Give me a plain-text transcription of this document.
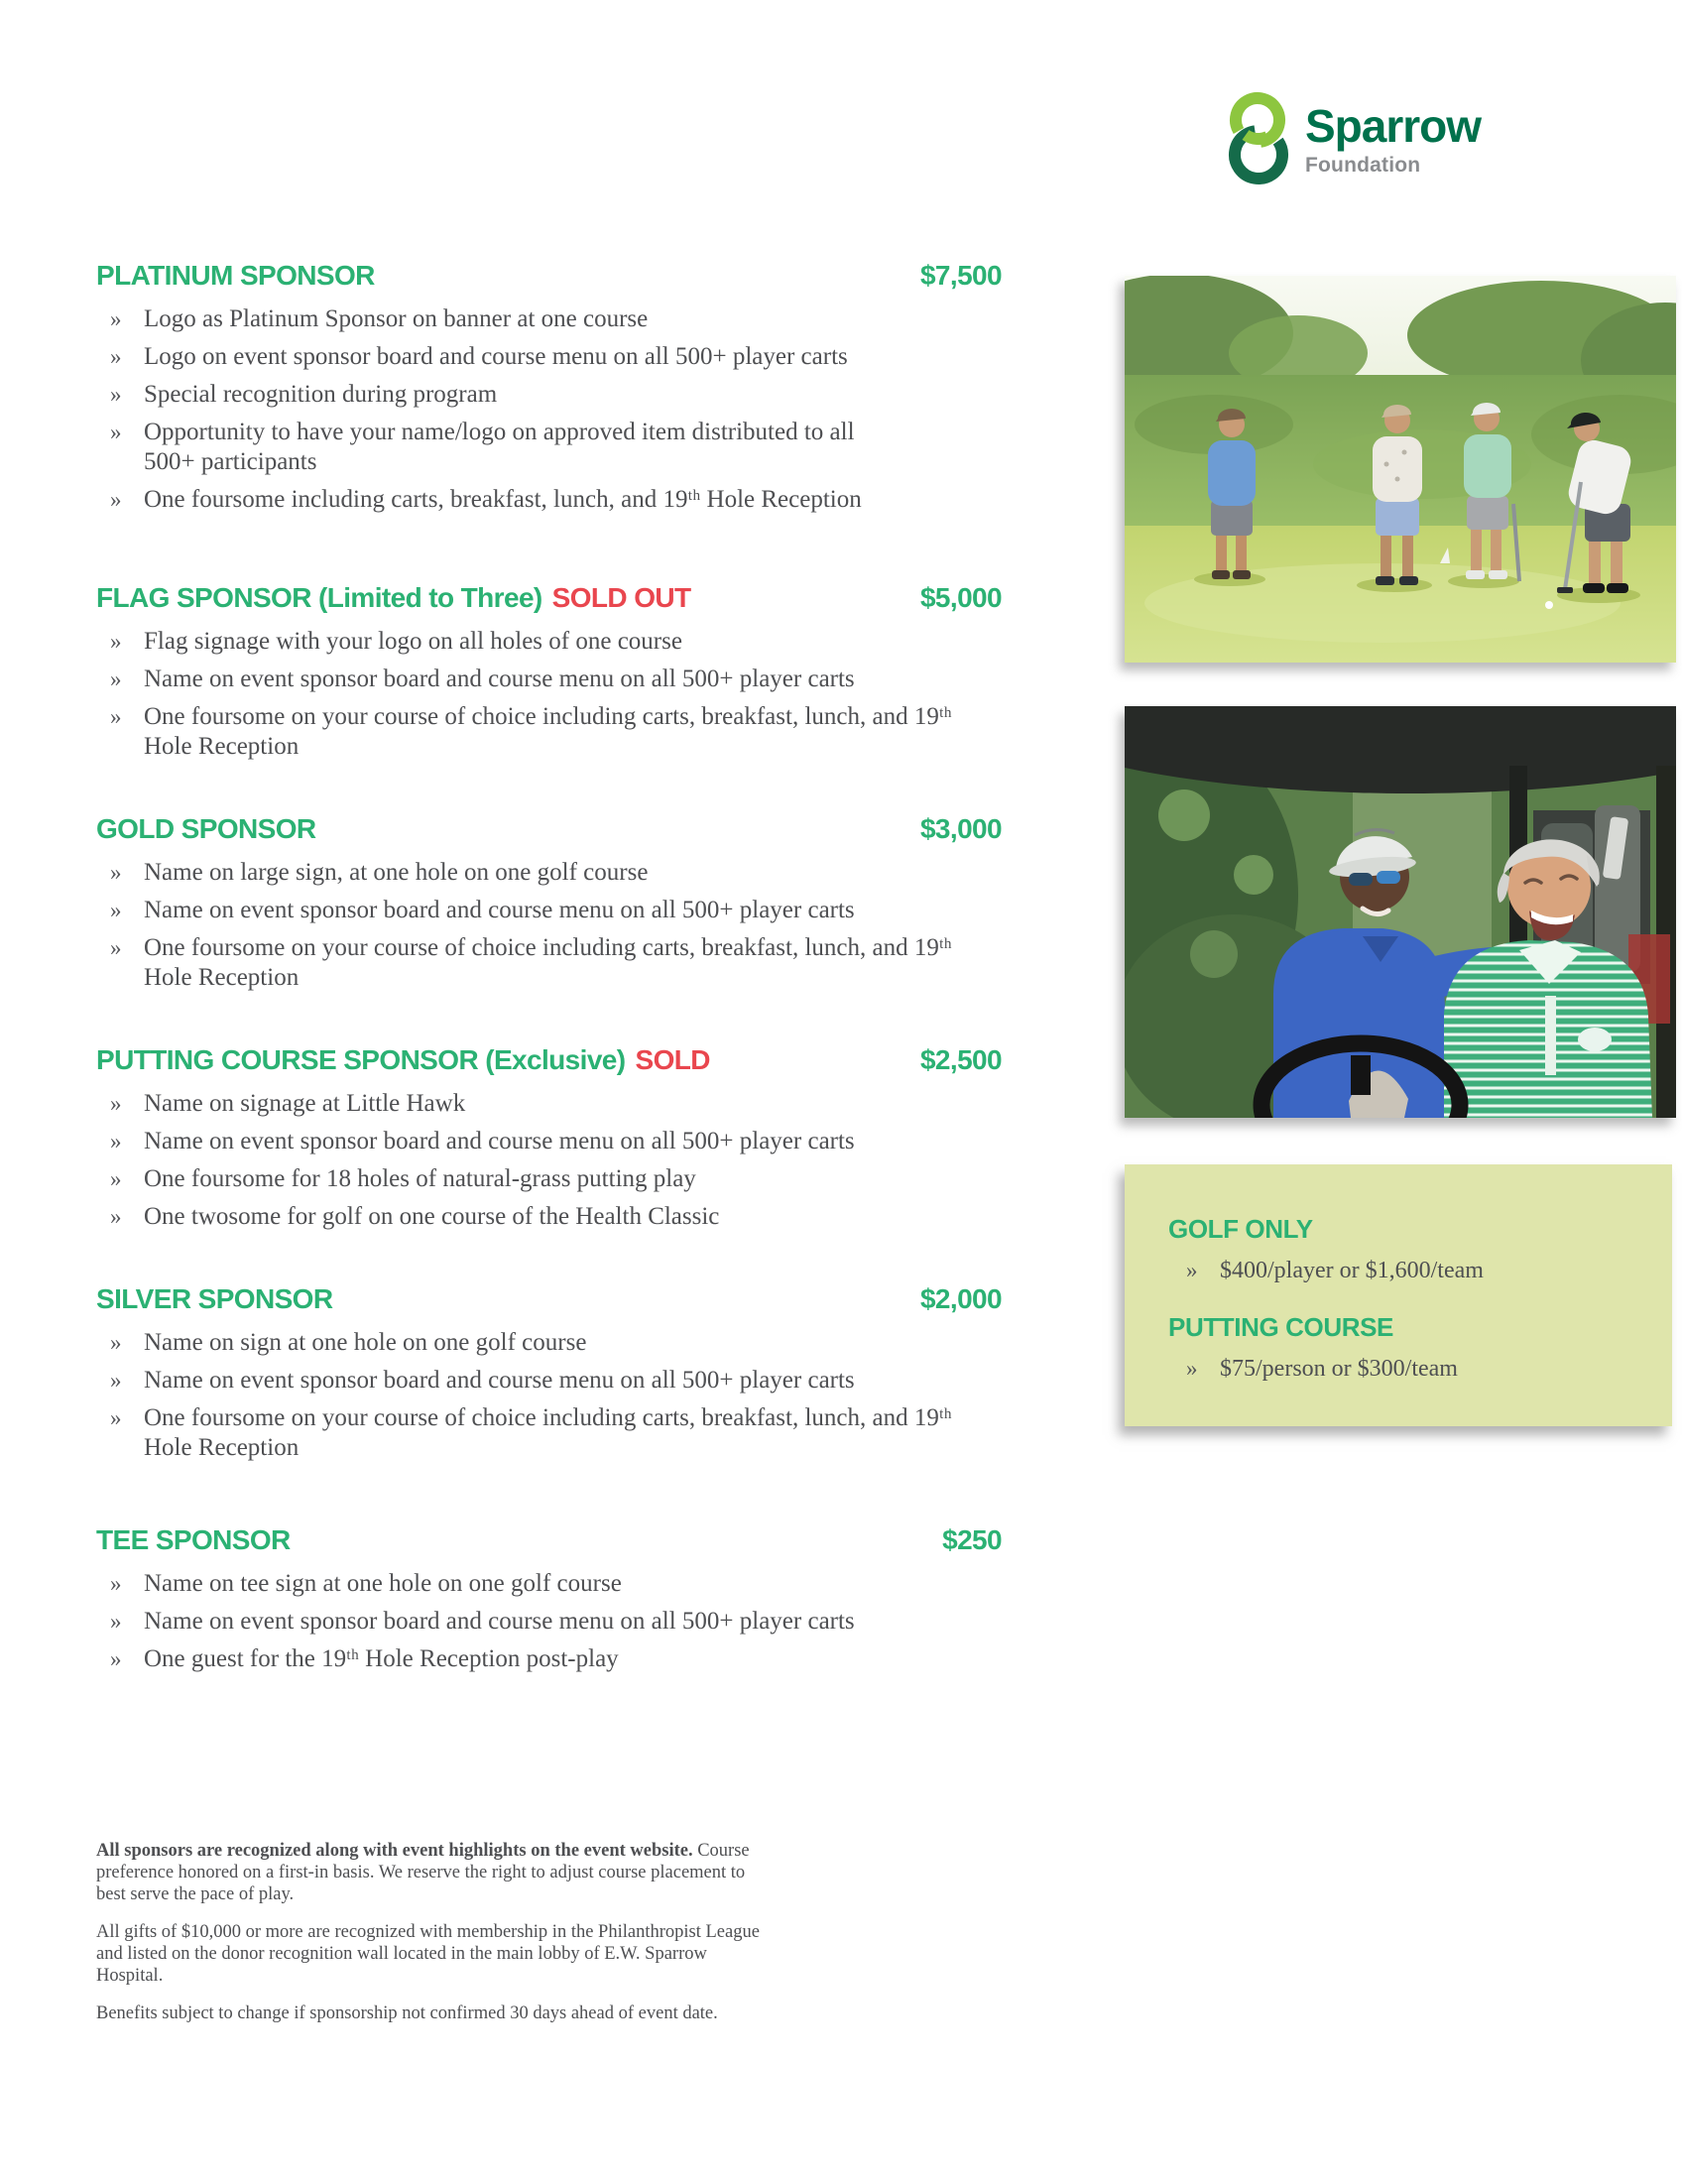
Sparrow
Foundation
PLATINUM SPONSOR	$7,500
» Logo as Platinum Sponsor on banner at one course
» Logo on event sponsor board and course menu on all 500+ player carts
» Special recognition during program
» Opportunity to have your name/logo on approved item distributed to all 500+ participants
» One foursome including carts, breakfast, lunch, and 19ᵗʰ Hole Reception
FLAG SPONSOR (Limited to Three) SOLD OUT	$5,000
» Flag signage with your logo on all holes of one course
» Name on event sponsor board and course menu on all 500+ player carts
» One foursome on your course of choice including carts, breakfast, lunch, and 19ᵗʰ Hole Reception
GOLD SPONSOR	$3,000
» Name on large sign, at one hole on one golf course
» Name on event sponsor board and course menu on all 500+ player carts
» One foursome on your course of choice including carts, breakfast, lunch, and 19ᵗʰ Hole Reception
PUTTING COURSE SPONSOR (Exclusive) SOLD	$2,500
» Name on signage at Little Hawk
» Name on event sponsor board and course menu on all 500+ player carts
» One foursome for 18 holes of natural-grass putting play
» One twosome for golf on one course of the Health Classic
SILVER SPONSOR	$2,000
» Name on sign at one hole on one golf course
» Name on event sponsor board and course menu on all 500+ player carts
» One foursome on your course of choice including carts, breakfast, lunch, and 19ᵗʰ Hole Reception
TEE SPONSOR	$250
» Name on tee sign at one hole on one golf course
» Name on event sponsor board and course menu on all 500+ player carts
» One guest for the 19ᵗʰ Hole Reception post-play

All sponsors are recognized along with event highlights on the event website. Course preference honored on a first-in basis. We reserve the right to adjust course placement to best serve the pace of play.

All gifts of $10,000 or more are recognized with membership in the Philanthropist League and listed on the donor recognition wall located in the main lobby of E.W. Sparrow Hospital.

Benefits subject to change if sponsorship not confirmed 30 days ahead of event date.

GOLF ONLY
» $400/player or $1,600/team
PUTTING COURSE
» $75/person or $300/team
